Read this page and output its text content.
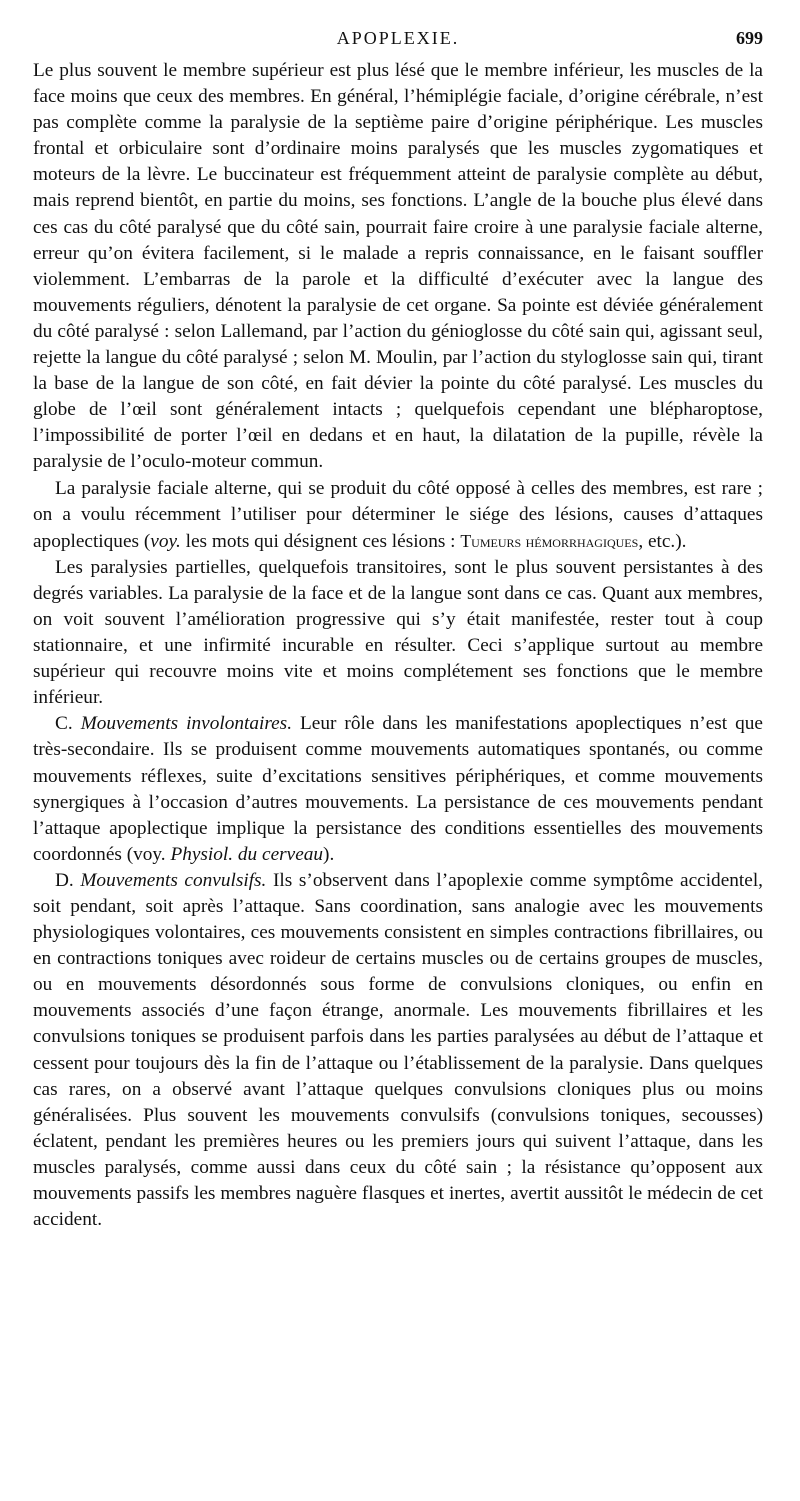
APOPLEXIE.	699

Le plus souvent le membre supérieur est plus lésé que le membre inférieur, les muscles de la face moins que ceux des membres. En général, l’hémiplégie faciale, d’origine cérébrale, n’est pas complète comme la paralysie de la septième paire d’origine périphérique. Les muscles frontal et orbiculaire sont d’ordinaire moins paralysés que les muscles zygomatiques et moteurs de la lèvre. Le buccinateur est fréquemment atteint de paralysie complète au début, mais reprend bientôt, en partie du moins, ses fonctions. L’angle de la bouche plus élevé dans ces cas du côté paralysé que du côté sain, pourrait faire croire à une paralysie faciale alterne, erreur qu’on évitera facilement, si le malade a repris connaissance, en le faisant souffler violemment. L’embarras de la parole et la difficulté d’exécuter avec la langue des mouvements réguliers, dénotent la paralysie de cet organe. Sa pointe est déviée généralement du côté paralysé : selon Lallemand, par l’action du génioglosse du côté sain qui, agissant seul, rejette la langue du côté paralysé ; selon M. Moulin, par l’action du styloglosse sain qui, tirant la base de la langue de son côté, en fait dévier la pointe du côté paralysé. Les muscles du globe de l’œil sont généralement intacts ; quelquefois cependant une blépharoptose, l’impossibilité de porter l’œil en dedans et en haut, la dilatation de la pupille, révèle la paralysie de l’oculo-moteur commun.

La paralysie faciale alterne, qui se produit du côté opposé à celles des membres, est rare ; on a voulu récemment l’utiliser pour déterminer le siége des lésions, causes d’attaques apoplectiques (voy. les mots qui désignent ces lésions : Tumeurs hémorrhagiques, etc.).

Les paralysies partielles, quelquefois transitoires, sont le plus souvent persistantes à des degrés variables. La paralysie de la face et de la langue sont dans ce cas. Quant aux membres, on voit souvent l’amélioration progressive qui s’y était manifestée, rester tout à coup stationnaire, et une infirmité incurable en résulter. Ceci s’applique surtout au membre supérieur qui recouvre moins vite et moins complétement ses fonctions que le membre inférieur.

C. Mouvements involontaires. Leur rôle dans les manifestations apoplectiques n’est que très-secondaire. Ils se produisent comme mouvements automatiques spontanés, ou comme mouvements réflexes, suite d’excitations sensitives périphériques, et comme mouvements synergiques à l’occasion d’autres mouvements. La persistance de ces mouvements pendant l’attaque apoplectique implique la persistance des conditions essentielles des mouvements coordonnés (voy. Physiol. du cerveau).

D. Mouvements convulsifs. Ils s’observent dans l’apoplexie comme symptôme accidentel, soit pendant, soit après l’attaque. Sans coordination, sans analogie avec les mouvements physiologiques volontaires, ces mouvements consistent en simples contractions fibrillaires, ou en contractions toniques avec roideur de certains muscles ou de certains groupes de muscles, ou en mouvements désordonnés sous forme de convulsions cloniques, ou enfin en mouvements associés d’une façon étrange, anormale. Les mouvements fibrillaires et les convulsions toniques se produisent parfois dans les parties paralysées au début de l’attaque et cessent pour toujours dès la fin de l’attaque ou l’établissement de la paralysie. Dans quelques cas rares, on a observé avant l’attaque quelques convulsions cloniques plus ou moins généralisées. Plus souvent les mouvements convulsifs (convulsions toniques, secousses) éclatent, pendant les premières heures ou les premiers jours qui suivent l’attaque, dans les muscles paralysés, comme aussi dans ceux du côté sain ; la résistance qu’opposent aux mouvements passifs les membres naguère flasques et inertes, avertit aussitôt le médecin de cet accident.
